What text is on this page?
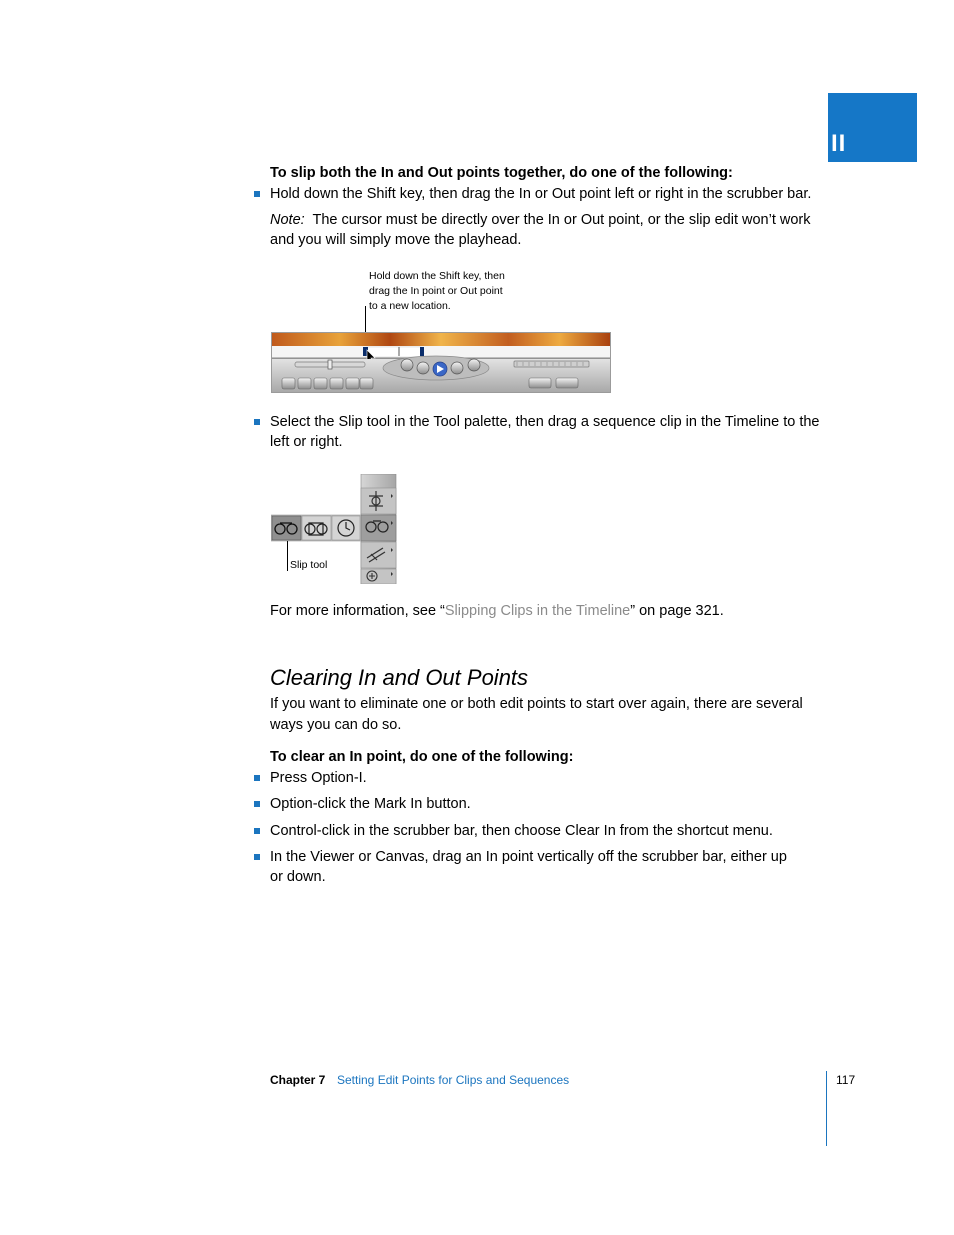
II
To slip both the In and Out points together, do one of the following:
Hold down the Shift key, then drag the In or Out point left or right in the scrubber bar.
Note:  The cursor must be directly over the In or Out point, or the slip edit won’t work
and you will simply move the playhead.
Hold down the Shift key, then
drag the In point or Out point
to a new location.
Select the Slip tool in the Tool palette, then drag a sequence clip in the Timeline to the
left or right.
Slip tool
For more information, see “Slipping Clips in the Timeline” on page 321.
Clearing In and Out Points
If you want to eliminate one or both edit points to start over again, there are several
ways you can do so.
To clear an In point, do one of the following:
Press Option-I.
Option-click the Mark In button.
Control-click in the scrubber bar, then choose Clear In from the shortcut menu.
In the Viewer or Canvas, drag an In point vertically off the scrubber bar, either up
or down.
Chapter 7 Setting Edit Points for Clips and Sequences	117
